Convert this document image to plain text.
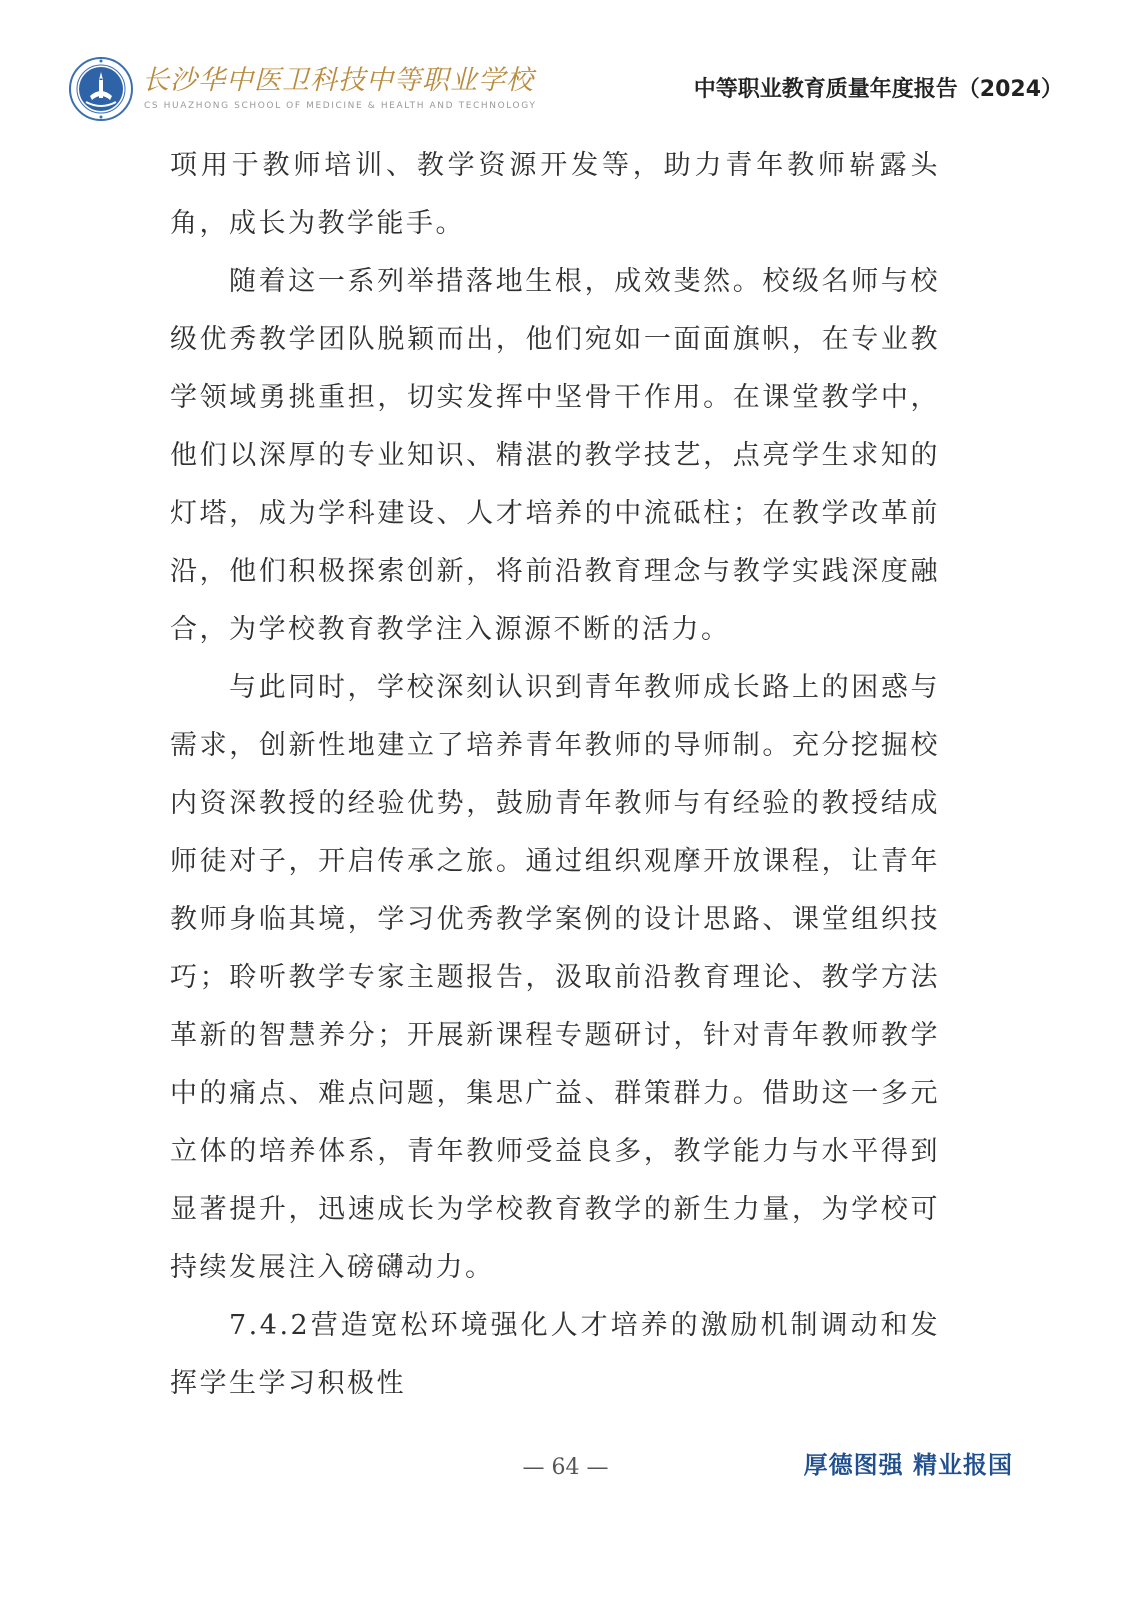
长沙华中医卫科技中等职业学校
CS HUAZHONG SCHOOL OF MEDICINE & HEALTH AND TECHNOLOGY
中等职业教育质量年度报告（2024）

项用于教师培训、教学资源开发等，助力青年教师崭露头角，成长为教学能手。

随着这一系列举措落地生根，成效斐然。校级名师与校级优秀教学团队脱颖而出，他们宛如一面面旗帜，在专业教学领域勇挑重担，切实发挥中坚骨干作用。在课堂教学中，他们以深厚的专业知识、精湛的教学技艺，点亮学生求知的灯塔，成为学科建设、人才培养的中流砥柱；在教学改革前沿，他们积极探索创新，将前沿教育理念与教学实践深度融合，为学校教育教学注入源源不断的活力。

与此同时，学校深刻认识到青年教师成长路上的困惑与需求，创新性地建立了培养青年教师的导师制。充分挖掘校内资深教授的经验优势，鼓励青年教师与有经验的教授结成师徒对子，开启传承之旅。通过组织观摩开放课程，让青年教师身临其境，学习优秀教学案例的设计思路、课堂组织技巧；聆听教学专家主题报告，汲取前沿教育理论、教学方法革新的智慧养分；开展新课程专题研讨，针对青年教师教学中的痛点、难点问题，集思广益、群策群力。借助这一多元立体的培养体系，青年教师受益良多，教学能力与水平得到显著提升，迅速成长为学校教育教学的新生力量，为学校可持续发展注入磅礴动力。

7.4.2营造宽松环境强化人才培养的激励机制调动和发挥学生学习积极性

— 64 —	厚德图强 精业报国
